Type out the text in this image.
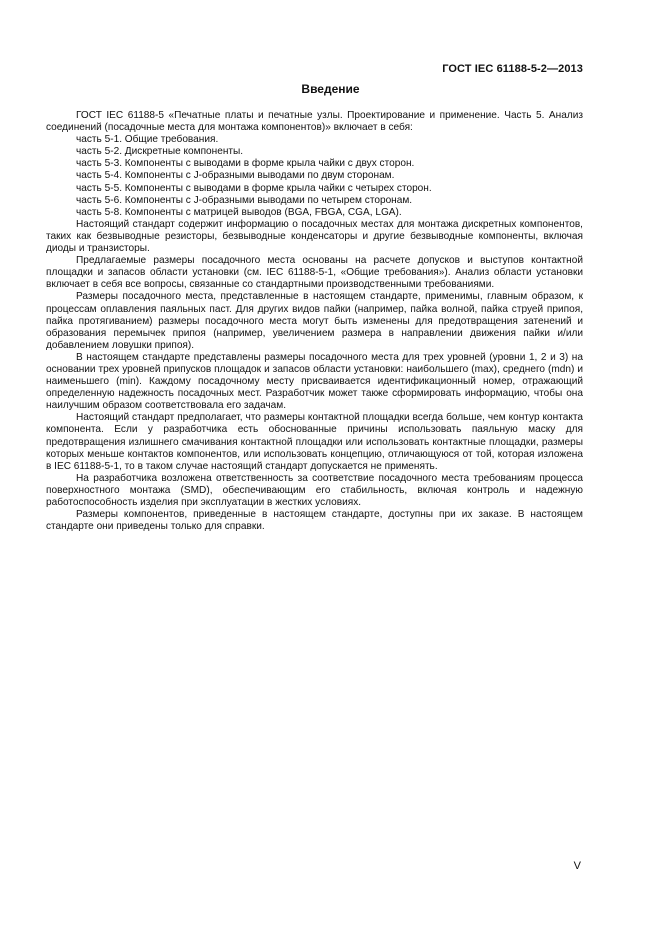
ГОСТ IEC 61188-5-2—2013
Введение

ГОСТ IEC 61188-5 «Печатные платы и печатные узлы. Проектирование и применение. Часть 5. Анализ соединений (посадочные места для монтажа компонентов)» включает в себя:

часть 5-1. Общие требования.

часть 5-2. Дискретные компоненты.

часть 5-3. Компоненты с выводами в форме крыла чайки с двух сторон.

часть 5-4. Компоненты с J-образными выводами по двум сторонам.

часть 5-5. Компоненты с выводами в форме крыла чайки с четырех сторон.

часть 5-6. Компоненты с J-образными выводами по четырем сторонам.

часть 5-8. Компоненты с матрицей выводов (BGA, FBGA, CGA, LGA).

Настоящий стандарт содержит информацию о посадочных местах для монтажа дискретных компонентов, таких как безвыводные резисторы, безвыводные конденсаторы и другие безвыводные компоненты, включая диоды и транзисторы.

Предлагаемые размеры посадочного места основаны на расчете допусков и выступов контактной площадки и запасов области установки (см. IEC 61188-5-1, «Общие требования»). Анализ области установки включает в себя все вопросы, связанные со стандартными производственными требованиями.

Размеры посадочного места, представленные в настоящем стандарте, применимы, главным образом, к процессам оплавления паяльных паст. Для других видов пайки (например, пайка волной, пайка струей припоя, пайка протягиванием) размеры посадочного места могут быть изменены для предотвращения затенений и образования перемычек припоя (например, увеличением размера в направлении движения пайки и/или добавлением ловушки припоя).

В настоящем стандарте представлены размеры посадочного места для трех уровней (уровни 1, 2 и 3) на основании трех уровней припусков площадок и запасов области установки: наибольшего (max), среднего (mdn) и наименьшего (min). Каждому посадочному месту присваивается идентификационный номер, отражающий определенную надежность посадочных мест. Разработчик может также сформировать информацию, чтобы она наилучшим образом соответствовала его задачам.

Настоящий стандарт предполагает, что размеры контактной площадки всегда больше, чем контур контакта компонента. Если у разработчика есть обоснованные причины использовать паяльную маску для предотвращения излишнего смачивания контактной площадки или использовать контактные площадки, размеры которых меньше контактов компонентов, или использовать концепцию, отличающуюся от той, которая изложена в IEC 61188-5-1, то в таком случае настоящий стандарт допускается не применять.

На разработчика возложена ответственность за соответствие посадочного места требованиям процесса поверхностного монтажа (SMD), обеспечивающим его стабильность, включая контроль и надежную работоспособность изделия при эксплуатации в жестких условиях.

Размеры компонентов, приведенные в настоящем стандарте, доступны при их заказе. В настоящем стандарте они приведены только для справки.

V
